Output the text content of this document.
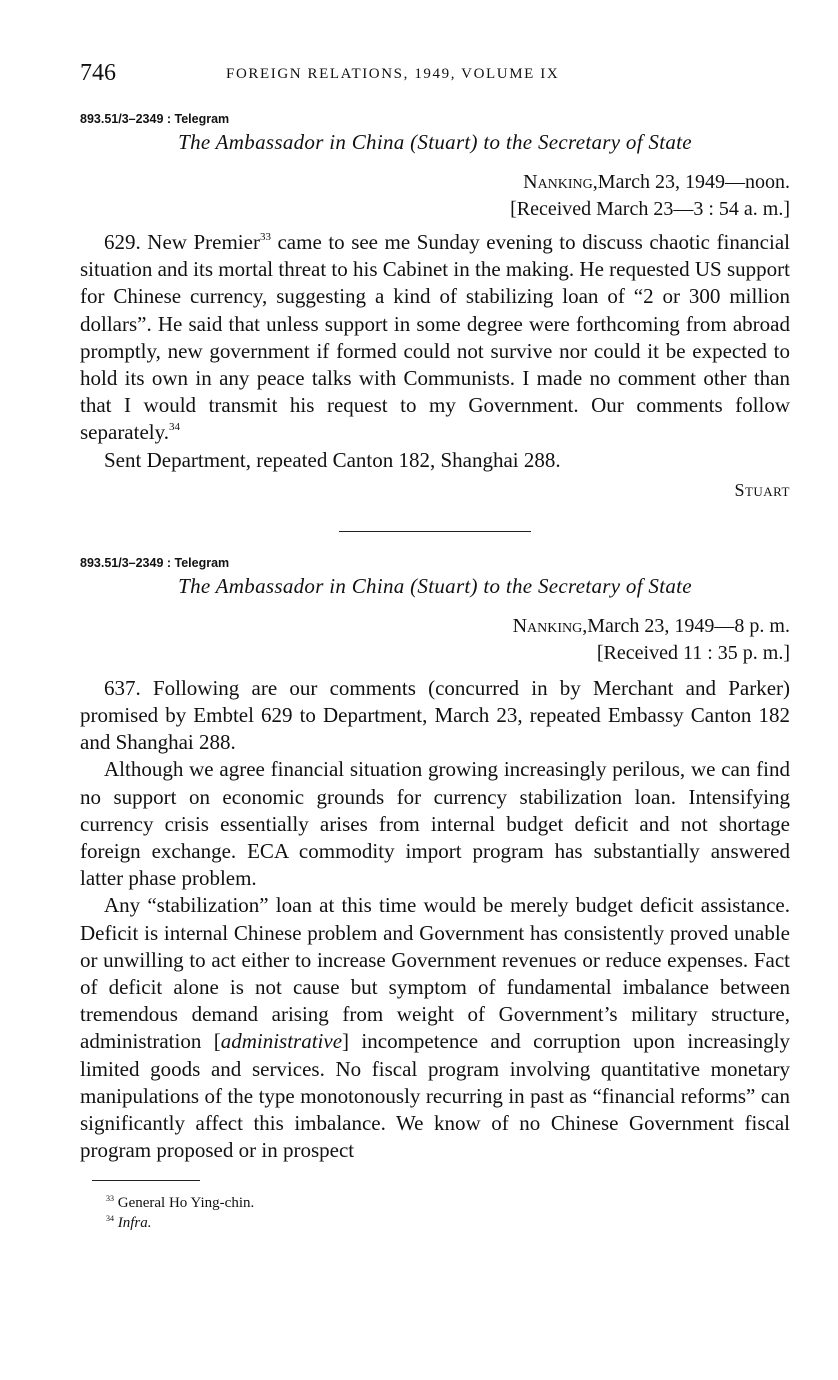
746	FOREIGN RELATIONS, 1949, VOLUME IX

893.51/3–2349 : Telegram

The Ambassador in China (Stuart) to the Secretary of State

Nanking,March 23, 1949—noon.

[Received March 23—3 : 54 a. m.]

629. New Premier$^{33}$ came to see me Sunday evening to discuss chaotic financial situation and its mortal threat to his Cabinet in the making. He requested US support for Chinese currency, suggesting a kind of stabilizing loan of “2 or 300 million dollars”. He said that unless support in some degree were forthcoming from abroad promptly, new government if formed could not survive nor could it be expected to hold its own in any peace talks with Communists. I made no comment other than that I would transmit his request to my Government. Our comments follow separately.$^{34}$

Sent Department, repeated Canton 182, Shanghai 288.

Stuart

893.51/3–2349 : Telegram

The Ambassador in China (Stuart) to the Secretary of State

Nanking,March 23, 1949—8 p. m.

[Received 11 : 35 p. m.]

637. Following are our comments (concurred in by Merchant and Parker) promised by Embtel 629 to Department, March 23, repeated Embassy Canton 182 and Shanghai 288.

Although we agree financial situation growing increasingly perilous, we can find no support on economic grounds for currency stabilization loan. Intensifying currency crisis essentially arises from internal budget deficit and not shortage foreign exchange. ECA commodity import program has substantially answered latter phase problem.

Any “stabilization” loan at this time would be merely budget deficit assistance. Deficit is internal Chinese problem and Government has consistently proved unable or unwilling to act either to increase Government revenues or reduce expenses. Fact of deficit alone is not cause but symptom of fundamental imbalance between tremendous demand arising from weight of Government’s military structure, administration [administrative] incompetence and corruption upon increasingly limited goods and services. No fiscal program involving quantitative monetary manipulations of the type monotonously recurring in past as “financial reforms” can significantly affect this imbalance. We know of no Chinese Government fiscal program proposed or in prospect

$^{33}$ General Ho Ying-chin.

$^{34}$ Infra.
